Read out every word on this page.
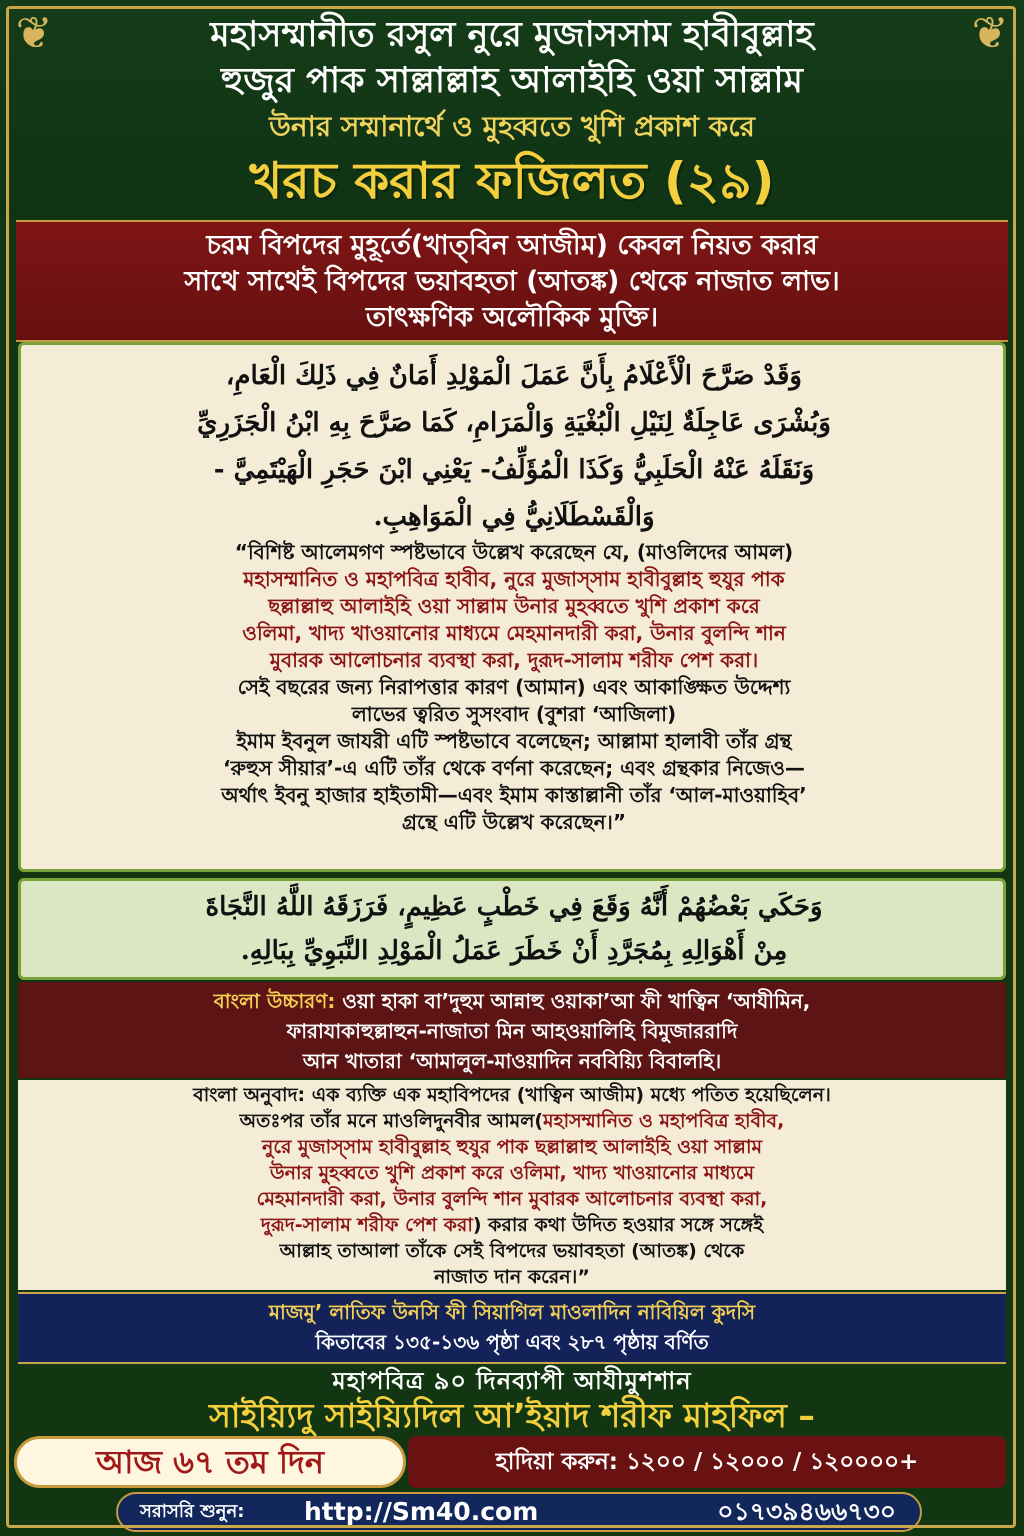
মহাসম্মানীত রসুল নুরে মুজাসসাম হাবীবুল্লাহ
হুজুর পাক সাল্লাল্লাহ আলাইহি ওয়া সাল্লাম
উনার সম্মানার্থে ও মুহব্বতে খুশি প্রকাশ করে
খরচ করার ফজিলত (২৯)
চরম বিপদের মুহূর্তে(খাত্‌বিন আজীম) কেবল নিয়ত করার
সাথে সাথেই বিপদের ভয়াবহতা (আতঙ্ক) থেকে নাজাত লাভ।
তাৎক্ষণিক অলৌকিক মুক্তি।
وَقَدْ صَرَّحَ الْأَعْلَامُ بِأَنَّ عَمَلَ الْمَوْلِدِ أَمَانٌ فِي ذَلِكَ الْعَامِ،
وَبُشْرَى عَاجِلَةٌ لِنَيْلِ الْبُغْيَةِ وَالْمَرَامِ، كَمَا صَرَّحَ بِهِ ابْنُ الْجَزَرِيِّ
وَنَقَلَهُ عَنْهُ الْحَلَبِيُّ وَكَذَا الْمُؤَلِّفُ- يَعْنِي ابْنَ حَجَرِ الْهَيْتَمِيَّ -
وَالْقَسْطَلَانِيُّ فِي الْمَوَاهِبِ.
“বিশিষ্ট আলেমগণ স্পষ্টভাবে উল্লেখ করেছেন যে, (মাওলিদের আমল)
মহাসম্মানিত ও মহাপবিত্র হাবীব, নুরে মুজাস্সাম হাবীবুল্লাহ হুযুর পাক
ছল্লাল্লাহু আলাইহি ওয়া সাল্লাম উনার মুহব্বতে খুশি প্রকাশ করে
ওলিমা, খাদ্য খাওয়ানোর মাধ্যমে মেহমানদারী করা, উনার বুলন্দি শান
মুবারক আলোচনার ব্যবস্থা করা, দুরূদ-সালাম শরীফ পেশ করা।
সেই বছরের জন্য নিরাপত্তার কারণ (আমান) এবং আকাঙ্ক্ষিত উদ্দেশ্য
লাভের ত্বরিত সুসংবাদ (বুশরা ‘আজিলা)
ইমাম ইবনুল জাযরী এটি স্পষ্টভাবে বলেছেন; আল্লামা হালাবী তাঁর গ্রন্থ
‘রুহুস সীয়ার’-এ এটি তাঁর থেকে বর্ণনা করেছেন; এবং গ্রন্থকার নিজেও—
অর্থাৎ ইবনু হাজার হাইতামী—এবং ইমাম কাস্তাল্লানী তাঁর ‘আল-মাওয়াহিব’
গ্রন্থে এটি উল্লেখ করেছেন।”
وَحَكَي بَعْضُهُمْ أَنَّهُ وَقَعَ فِي خَطْبٍ عَظِيمٍ، فَرَزَقَهُ اللَّهُ النَّجَاةَ
مِنْ أَهْوَالِهِ بِمُجَرَّدِ أَنْ خَطَرَ عَمَلُ الْمَوْلِدِ النَّبَوِيِّ بِبَالِهِ.
বাংলা উচ্চারণ: ওয়া হাকা বা’দুহুম আন্নাহু ওয়াকা’আ ফী খাত্বিন ‘আযীমিন,
ফারাযাকাহুল্লাহুন-নাজাতা মিন আহওয়ালিহি বিমুজাররাদি
আন খাতারা ‘আমালুল-মাওয়াদিন নববিয়্যি বিবালহি।
বাংলা অনুবাদ: এক ব্যক্তি এক মহাবিপদের (খাত্বিন আজীম) মধ্যে পতিত হয়েছিলেন।
অতঃপর তাঁর মনে মাওলিদুনবীর আমল(মহাসম্মানিত ও মহাপবিত্র হাবীব,
নুরে মুজাস্সাম হাবীবুল্লাহ হুযুর পাক ছল্লাল্লাহু আলাইহি ওয়া সাল্লাম
উনার মুহব্বতে খুশি প্রকাশ করে ওলিমা, খাদ্য খাওয়ানোর মাধ্যমে
মেহমানদারী করা, উনার বুলন্দি শান মুবারক আলোচনার ব্যবস্থা করা,
দুরূদ-সালাম শরীফ পেশ করা) করার কথা উদিত হওয়ার সঙ্গে সঙ্গেই
আল্লাহ তাআলা তাঁকে সেই বিপদের ভয়াবহতা (আতঙ্ক) থেকে
নাজাত দান করেন।”
মাজমু’ লাতিফ উনসি ফী সিয়াগিল মাওলাদিন নাবিয়িল কুদসি
কিতাবের ১৩৫-১৩৬ পৃষ্ঠা এবং ২৮৭ পৃষ্ঠায় বর্ণিত
মহাপবিত্র ৯০ দিনব্যাপী আযীমুশশান
সাইয়্যিদু সাইয়্যিদিল আ’ইয়াদ শরীফ মাহফিল –
আজ ৬৭ তম দিন	হাদিয়া করুন: ১২০০ / ১২০০০ / ১২০০০০+
সরাসরি শুনুন: http://Sm40.com	০১৭৩৯৪৬৬৭৩০
❦	❦
